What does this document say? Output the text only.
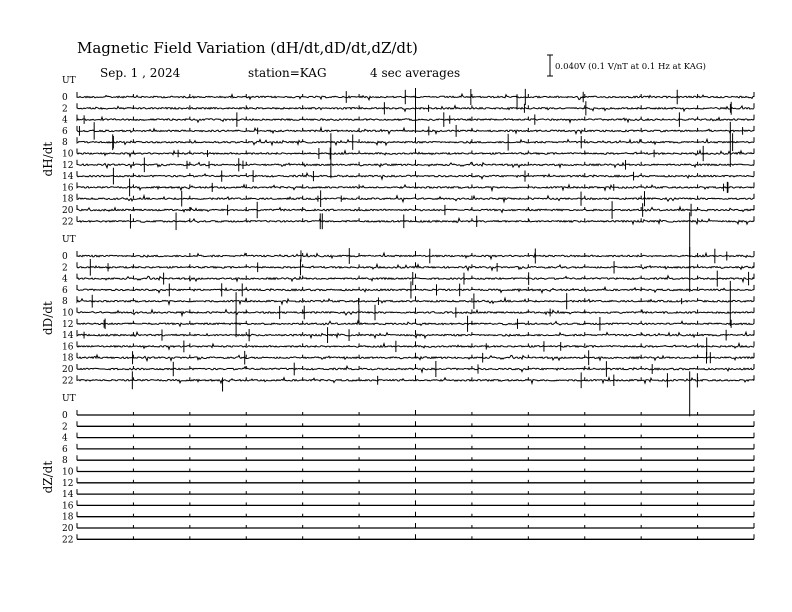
Magnetic Field Variation (dH/dt,dD/dt,dZ/dt)
Sep. 1 , 2024	station=KAG	4 sec averages	0.040V (0.1 V/nT at 0.1 Hz at KAG)
UT
dH/dt
0
2
4
6
8
10
12
14
16
18
20
22
UT
dD/dt
0
2
4
6
8
10
12
14
16
18
20
22
UT
dZ/dt
0
2
4
6
8
10
12
14
16
18
20
22
